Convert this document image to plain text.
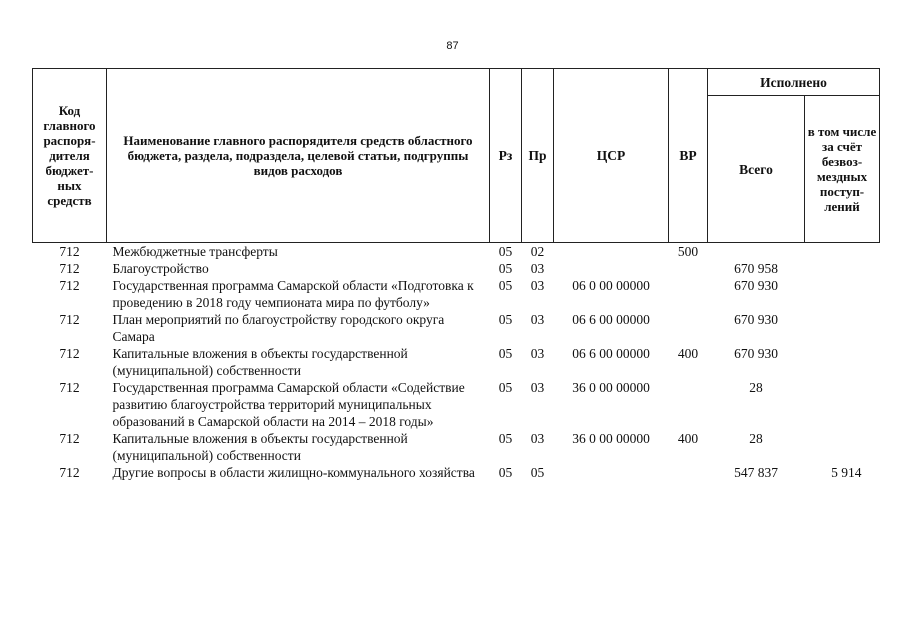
87
Код главного распоря-дителя бюджет-ных средств	Наименование главного распорядителя средств областного бюджета, раздела, подраздела, целевой статьи, подгруппы видов расходов	Рз	Пр	ЦСР	ВР	Исполнено	
						Всего	в том числе за счёт безвоз-мездных поступ-лений
712	Межбюджетные трансферты	05	02		500		
712	Благоустройство	05	03			670 958	
712	Государственная программа Самарской области «Подготовка к проведению в 2018 году чемпионата мира по футболу»	05	03	06 0 00 00000		670 930	
712	План мероприятий по благоустройству городского округа Самара	05	03	06 6 00 00000		670 930	
712	Капитальные вложения в объекты государственной (муниципальной) собственности	05	03	06 6 00 00000	400	670 930	
712	Государственная программа Самарской области «Содействие развитию благоустройства территорий муниципальных образований в Самарской области на 2014 – 2018 годы»	05	03	36 0 00 00000		28	
712	Капитальные вложения в объекты государственной (муниципальной) собственности	05	03	36 0 00 00000	400	28	
712	Другие вопросы в области жилищно-коммунального хозяйства	05	05			547 837	5 914
